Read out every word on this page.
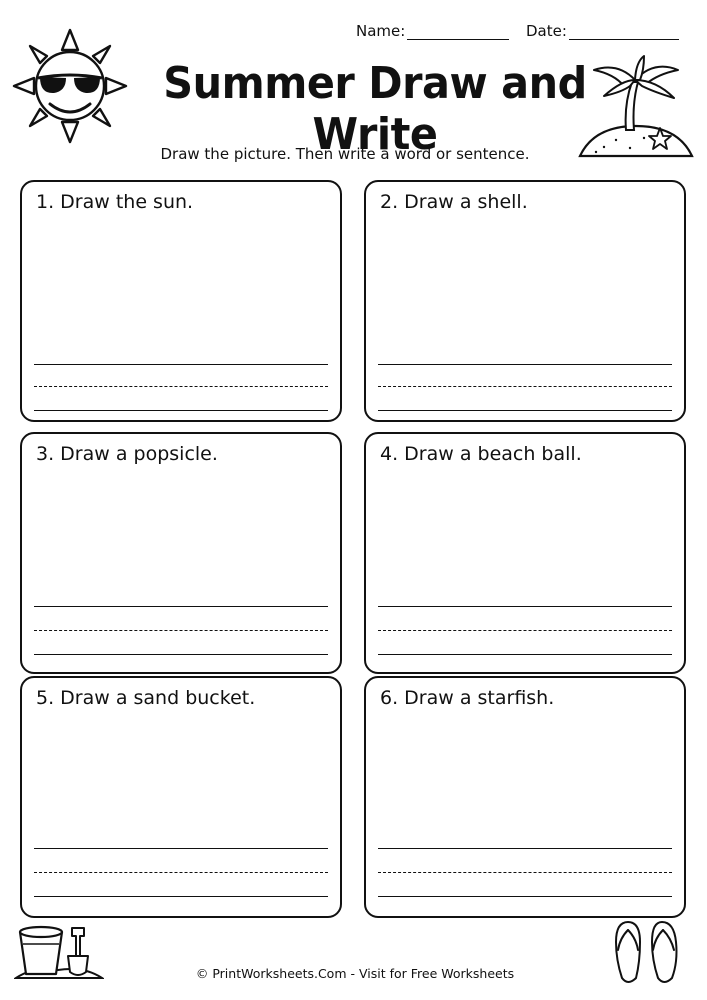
Name:	Date:
Summer Draw and Write
Draw the picture. Then write a word or sentence.
1. Draw the sun.	2. Draw a shell.
3. Draw a popsicle.	4. Draw a beach ball.
5. Draw a sand bucket.	6. Draw a starfish.
© PrintWorksheets.Com - Visit for Free Worksheets
